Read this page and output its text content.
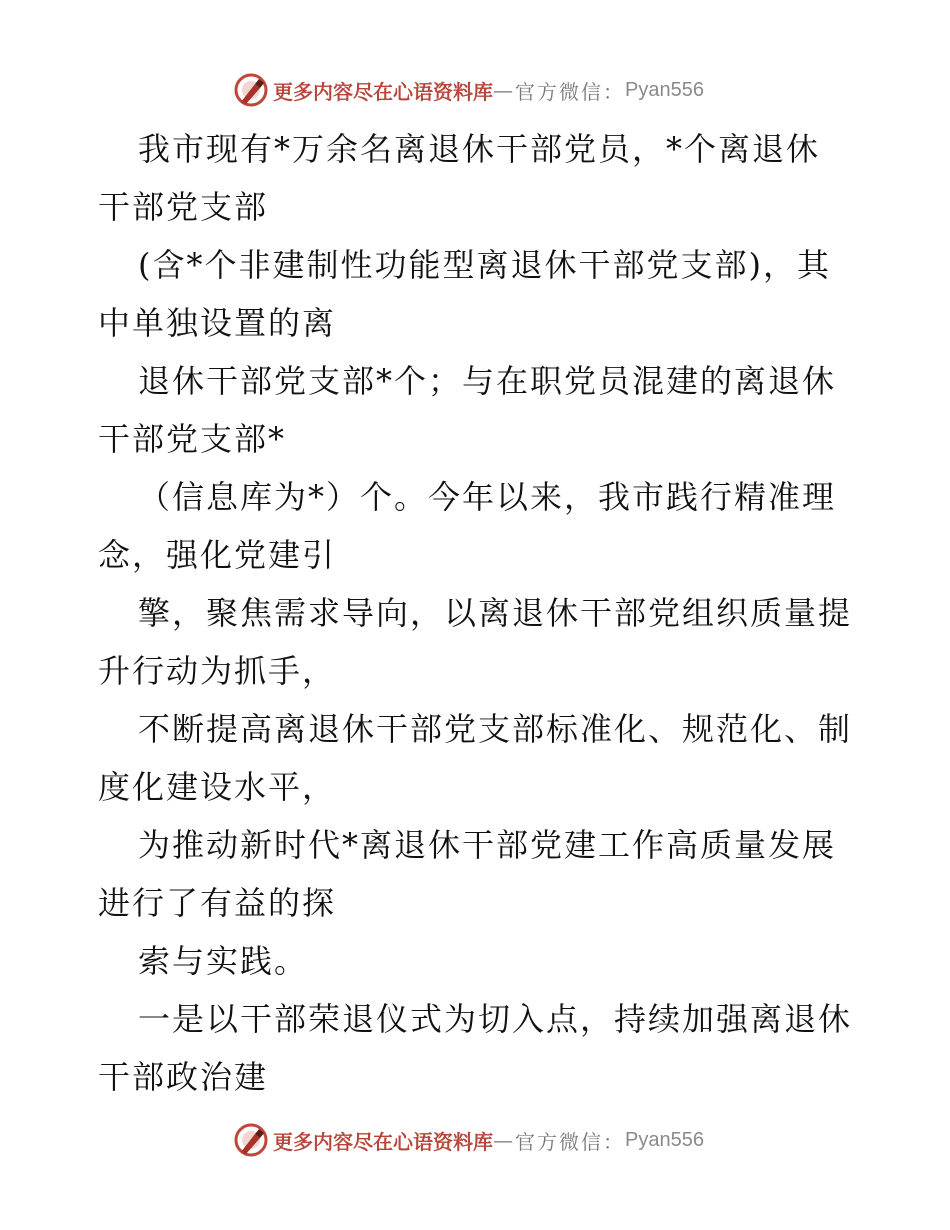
更多内容尽在心语资料库 — 官方微信： Pyan556

我市现有*万余名离退休干部党员，*个离退休干部党支部

(含*个非建制性功能型离退休干部党支部)，其中单独设置的离

退休干部党支部*个；与在职党员混建的离退休干部党支部*

（信息库为*）个。今年以来，我市践行精准理念，强化党建引

擎，聚焦需求导向，以离退休干部党组织质量提升行动为抓手，

不断提高离退休干部党支部标准化、规范化、制度化建设水平，

为推动新时代*离退休干部党建工作高质量发展进行了有益的探

索与实践。

一是以干部荣退仪式为切入点，持续加强离退休干部政治建

更多内容尽在心语资料库 — 官方微信： Pyan556
